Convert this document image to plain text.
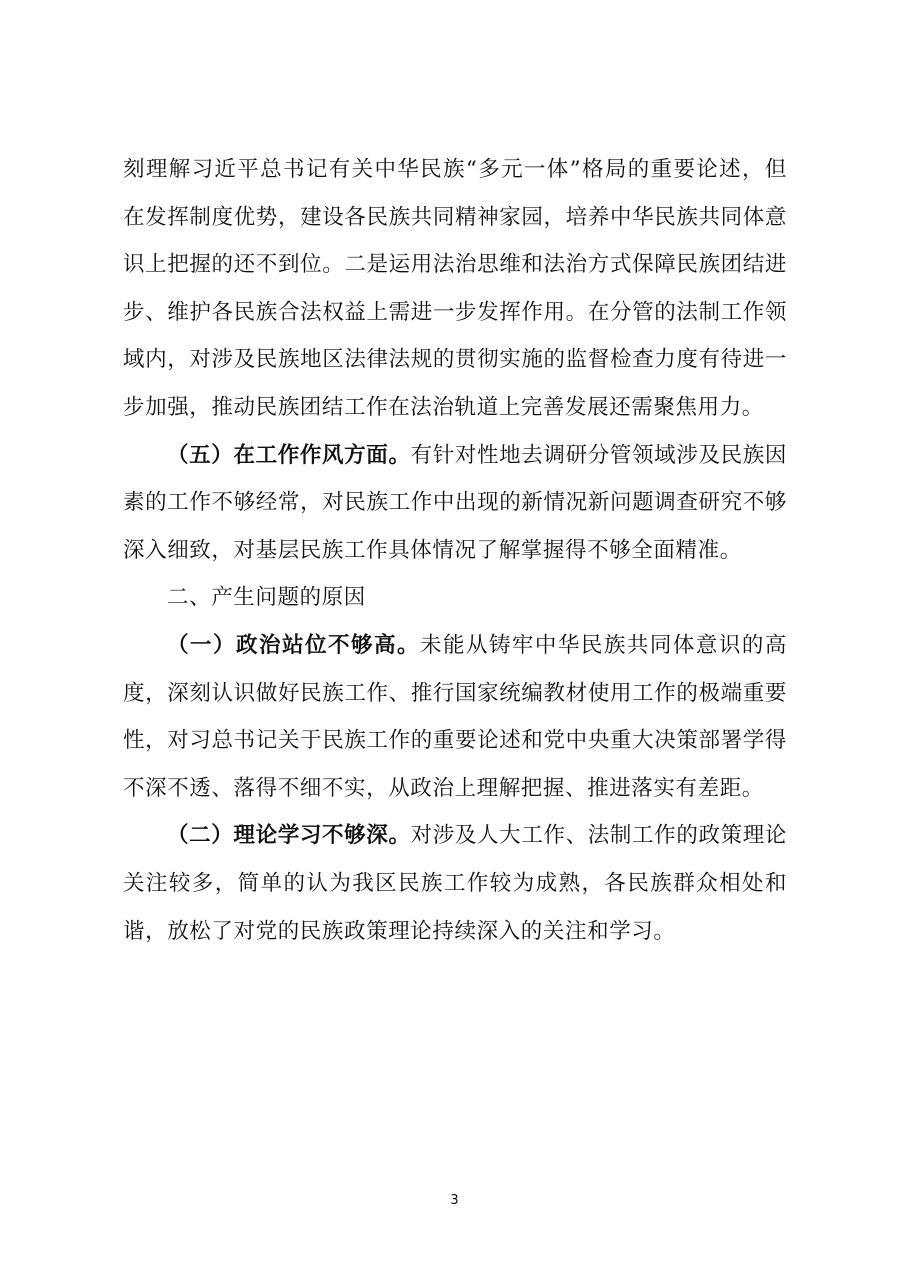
刻理解习近平总书记有关中华民族“多元一体”格局的重要论述，但在发挥制度优势，建设各民族共同精神家园，培养中华民族共同体意识上把握的还不到位。二是运用法治思维和法治方式保障民族团结进步、维护各民族合法权益上需进一步发挥作用。在分管的法制工作领域内，对涉及民族地区法律法规的贯彻实施的监督检查力度有待进一步加强，推动民族团结工作在法治轨道上完善发展还需聚焦用力。

（五）在工作作风方面。有针对性地去调研分管领域涉及民族因素的工作不够经常，对民族工作中出现的新情况新问题调查研究不够深入细致，对基层民族工作具体情况了解掌握得不够全面精准。

二、产生问题的原因

（一）政治站位不够高。未能从铸牢中华民族共同体意识的高度，深刻认识做好民族工作、推行国家统编教材使用工作的极端重要性，对习总书记关于民族工作的重要论述和党中央重大决策部署学得不深不透、落得不细不实，从政治上理解把握、推进落实有差距。

（二）理论学习不够深。对涉及人大工作、法制工作的政策理论关注较多，简单的认为我区民族工作较为成熟，各民族群众相处和谐，放松了对党的民族政策理论持续深入的关注和学习。

3
